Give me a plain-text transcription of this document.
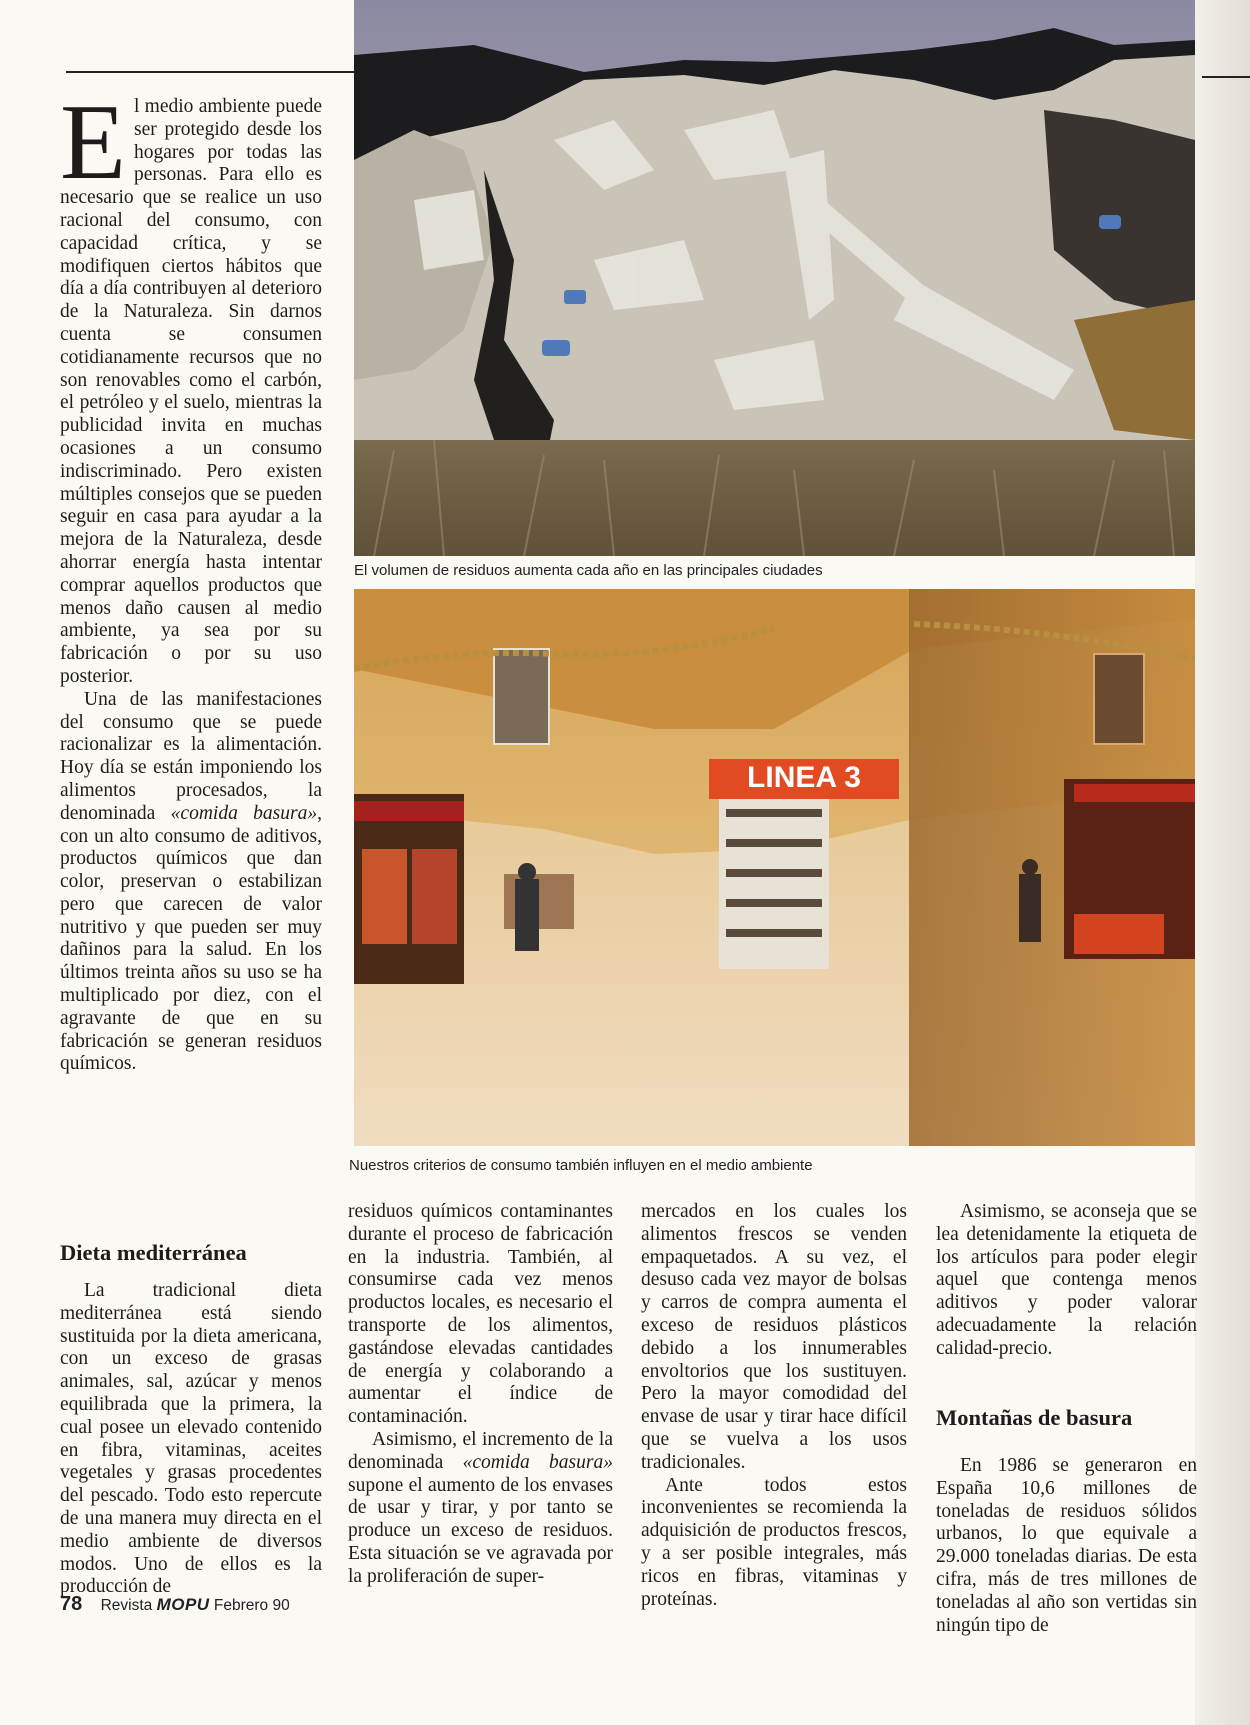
El volumen de residuos aumenta cada año en las principales ciudades
LINEA 3
Nuestros criterios de consumo también influyen en el medio ambiente

El medio ambiente puede ser protegido desde los hogares por todas las personas. Para ello es necesario que se realice un uso racional del consumo, con capacidad crítica, y se modifiquen ciertos hábitos que día a día contribuyen al deterioro de la Naturaleza. Sin darnos cuenta se consumen cotidianamente recursos que no son renovables como el carbón, el petróleo y el suelo, mientras la publicidad invita en muchas ocasiones a un consumo indiscriminado. Pero existen múltiples consejos que se pueden seguir en casa para ayudar a la mejora de la Naturaleza, desde ahorrar energía hasta intentar comprar aquellos productos que menos daño causen al medio ambiente, ya sea por su fabricación o por su uso posterior.

Una de las manifestaciones del consumo que se puede racionalizar es la alimentación. Hoy día se están imponiendo los alimentos procesados, la denominada «comida basura», con un alto consumo de aditivos, productos químicos que dan color, preservan o estabilizan pero que carecen de valor nutritivo y que pueden ser muy dañinos para la salud. En los últimos treinta años su uso se ha multiplicado por diez, con el agravante de que en su fabricación se generan residuos químicos.

Dieta mediterránea

La tradicional dieta mediterránea está siendo sustituida por la dieta americana, con un exceso de grasas animales, sal, azúcar y menos equilibrada que la primera, la cual posee un elevado contenido en fibra, vitaminas, aceites vegetales y grasas procedentes del pescado. Todo esto repercute de una manera muy directa en el medio ambiente de diversos modos. Uno de ellos es la producción de

residuos químicos contaminantes durante el proceso de fabricación en la industria. También, al consumirse cada vez menos productos locales, es necesario el transporte de los alimentos, gastándose elevadas cantidades de energía y colaborando a aumentar el índice de contaminación.

Asimismo, el incremento de la denominada «comida basura» supone el aumento de los envases de usar y tirar, y por tanto se produce un exceso de residuos. Esta situación se ve agravada por la proliferación de super-

mercados en los cuales los alimentos frescos se venden empaquetados. A su vez, el desuso cada vez mayor de bolsas y carros de compra aumenta el exceso de residuos plásticos debido a los innumerables envoltorios que los sustituyen. Pero la mayor comodidad del envase de usar y tirar hace difícil que se vuelva a los usos tradicionales.

Ante todos estos inconvenientes se recomienda la adquisición de productos frescos, y a ser posible integrales, más ricos en fibras, vitaminas y proteínas.

Asimismo, se aconseja que se lea detenidamente la etiqueta de los artículos para poder elegir aquel que contenga menos aditivos y poder valorar adecuadamente la relación calidad-precio.

Montañas de basura

En 1986 se generaron en España 10,6 millones de toneladas de residuos sólidos urbanos, lo que equivale a 29.000 toneladas diarias. De esta cifra, más de tres millones de toneladas al año son vertidas sin ningún tipo de

78 Revista MOPU Febrero 90
